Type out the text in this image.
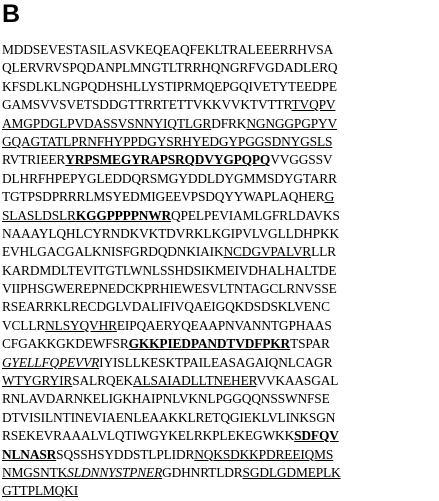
B
MDDSEVESTASILASVKEQEAQFEKLTRALEEERRHVSA
QLERVRVSPQDANPLMNGTLTRRHQNGRFVGDADLERQ
KFSDLKLNGPQDHSHLLYSTIPRMQEPGQIVETYTEEDPE
GAMSVVSVETSDDGTTRRTETTVKKVVKTVTTRTVQPV
AMGPDGLPVDASSVSNNYIQTLGRDFRKNGNGGPGPYV
GQAGTATLPRNFHYPPDGYSRHYEDGYPGGSDNYGSLS
RVTRIEERYRPSMEGYRAPSRQDVYGPQPQVVGGSSV
DLHRFHPEPYGLEDDQRSMGYDDLDYGMMSDYGTARR
TGTPSDPRRRLMSYEDMIGEEVPSDQYYWAPLAQHERG
SLASLDSLRKGGPPPPNWRQPELPEVIAMLGFRLDAVKS
NAAAYLQHLCYRNDKVKTDVRKLKGIPVLVGLLDHPKK
EVHLGACGALKNISFGRDQDNKIAIKNCDGVPALVRLLR
KARDMDLTEVITGTLWNLSSHDSIKMEIVDHALHALTDE
VIIPHSGWEREPNEDCKPRHIEWESVLTNTAGCLRNVSSE
RSEARRKLRECDGLVDALIFIVQAEIGQKDSDSKLVENC
VCLLRNLSYQVHREIPQAERYQEAAPNVANNTGPHAAS
CFGAKKGKDEWFSRGKKPIEDPANDTVDFPKRTSPAR
GYELLFQPEVVRIYISLLKESKTPAILEASAGAIQNLCAGR
WTYGRYIRSALRQEKALSAIADLLTNEHERVVKAASGAL
RNLAVDARNKELIGKHAIPNLVKNLPGGQQNSSWNFSE
DTVISILNTINEVIAENLEAAKKLRETQGIEKLVLINKSGN
RSEKEVRAAALVLQTIWGYKELRKPLEKEGWKKSDFQV
NLNASRSQSSHSYDDSTLPLIDRNQKSDKKPDREEIQMS
NMGSNTKSLDNNYSTPNERGDHNRTLDRSGDLGDMEPLK
GTTPLMQKI
